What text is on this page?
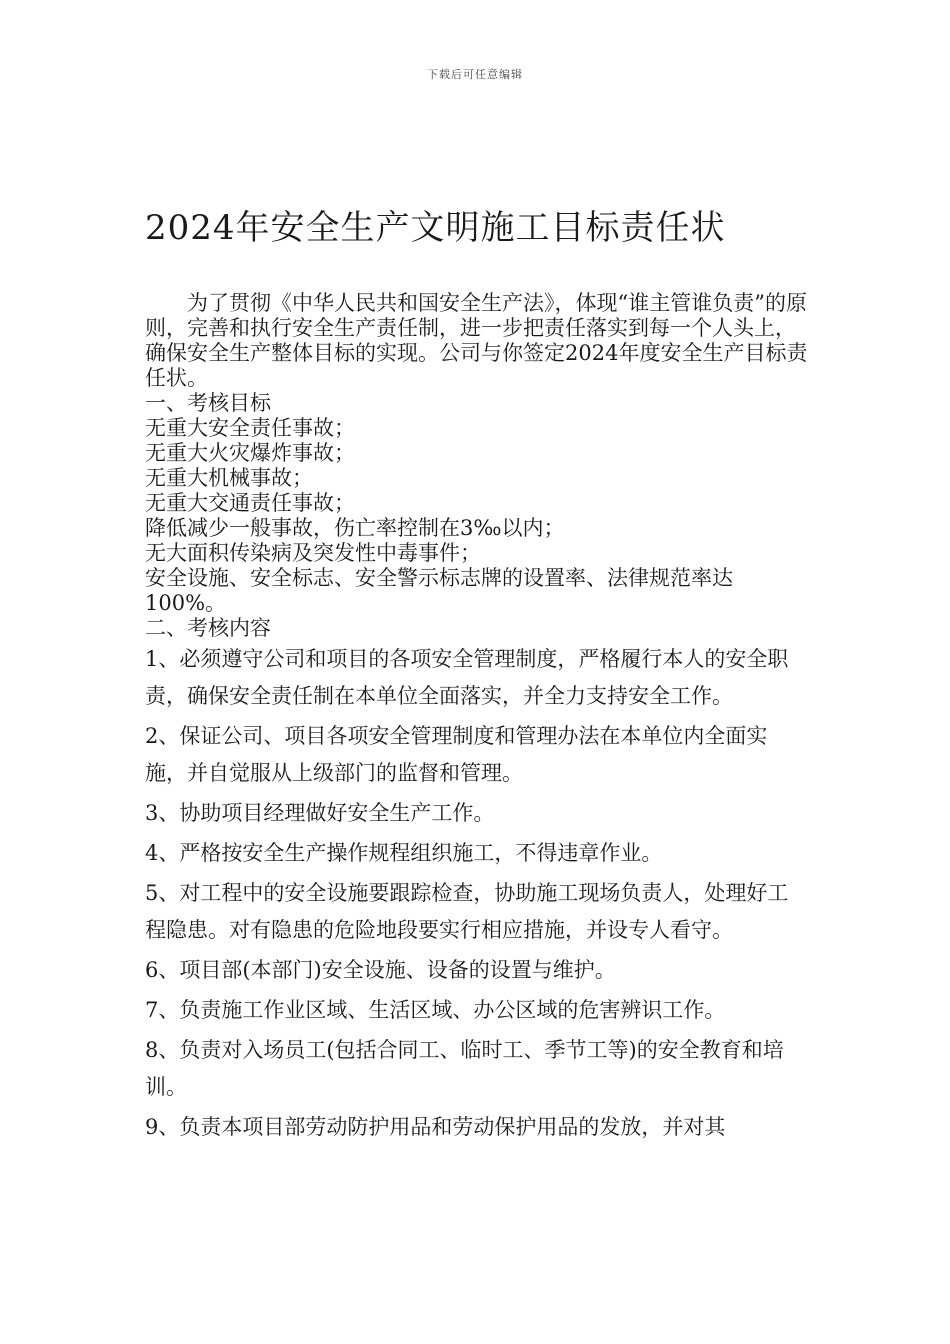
下载后可任意编辑
2024年安全生产文明施工目标责任状

为了贯彻《中华人民共和国安全生产法》，体现“谁主管谁负责”的原则，完善和执行安全生产责任制，进一步把责任落实到每一个人头上，确保安全生产整体目标的实现。公司与你签定2024年度安全生产目标责任状。

一、考核目标

无重大安全责任事故；
无重大火灾爆炸事故；
无重大机械事故；
无重大交通责任事故；
降低减少一般事故，伤亡率控制在3‰以内；
无大面积传染病及突发性中毒事件；
安全设施、安全标志、安全警示标志牌的设置率、法律规范率达100%。

二、考核内容

1、必须遵守公司和项目的各项安全管理制度，严格履行本人的安全职责，确保安全责任制在本单位全面落实，并全力支持安全工作。
2、保证公司、项目各项安全管理制度和管理办法在本单位内全面实施，并自觉服从上级部门的监督和管理。
3、协助项目经理做好安全生产工作。
4、严格按安全生产操作规程组织施工，不得违章作业。
5、对工程中的安全设施要跟踪检查，协助施工现场负责人，处理好工程隐患。对有隐患的危险地段要实行相应措施，并设专人看守。
6、项目部(本部门)安全设施、设备的设置与维护。
7、负责施工作业区域、生活区域、办公区域的危害辨识工作。
8、负责对入场员工(包括合同工、临时工、季节工等)的安全教育和培训。
9、负责本项目部劳动防护用品和劳动保护用品的发放，并对其
